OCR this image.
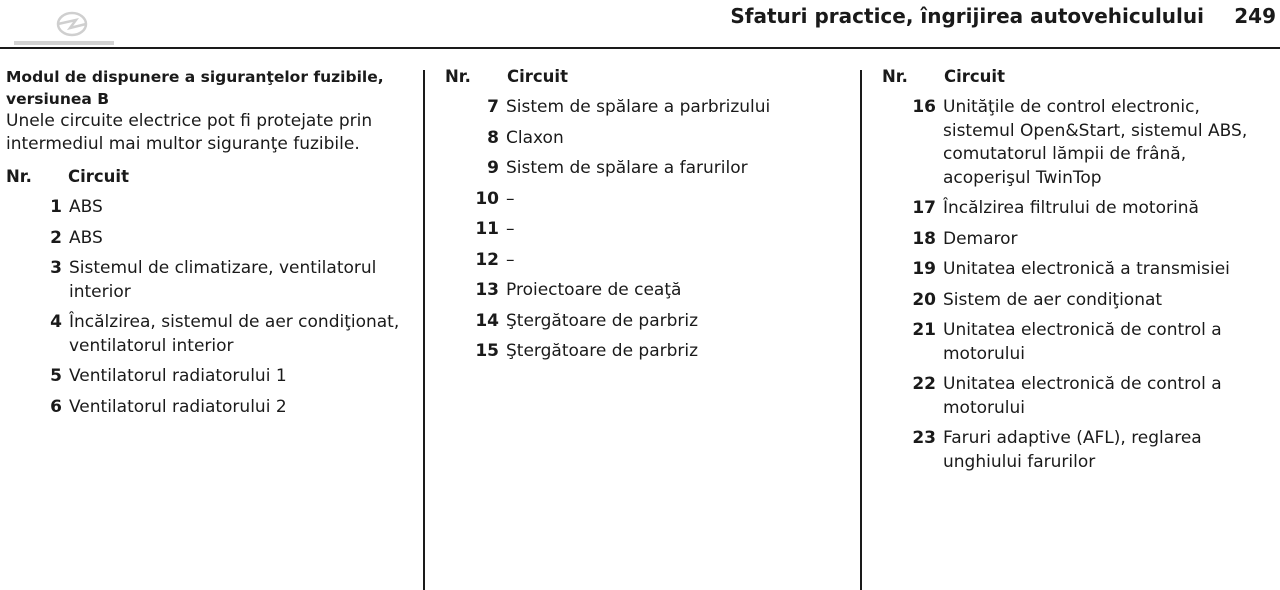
Sfaturi practice, îngrijirea autovehiculului 249

Modul de dispunere a siguranţelor fuzibile, versiunea B

Unele circuite electrice pot fi protejate prin intermediul mai multor siguranţe fuzibile.

Nr.	Circuit
1 ABS
2 ABS
3 Sistemul de climatizare, ventilatorul interior
4 Încălzirea, sistemul de aer condiţionat, ventilatorul interior
5 Ventilatorul radiatorului 1
6 Ventilatorul radiatorului 2
Nr.	Circuit
7 Sistem de spălare a parbrizului
8 Claxon
9 Sistem de spălare a farurilor
10 –
11 –
12 –
13 Proiectoare de ceaţă
14 Ştergătoare de parbriz
15 Ştergătoare de parbriz
Nr.	Circuit
16 Unităţile de control electronic, sistemul Open&Start, sistemul ABS, comutatorul lămpii de frână, acoperişul TwinTop
17 Încălzirea filtrului de motorină
18 Demaror
19 Unitatea electronică a transmisiei
20 Sistem de aer condiţionat
21 Unitatea electronică de control a motorului
22 Unitatea electronică de control a motorului
23 Faruri adaptive (AFL), reglarea unghiului farurilor
